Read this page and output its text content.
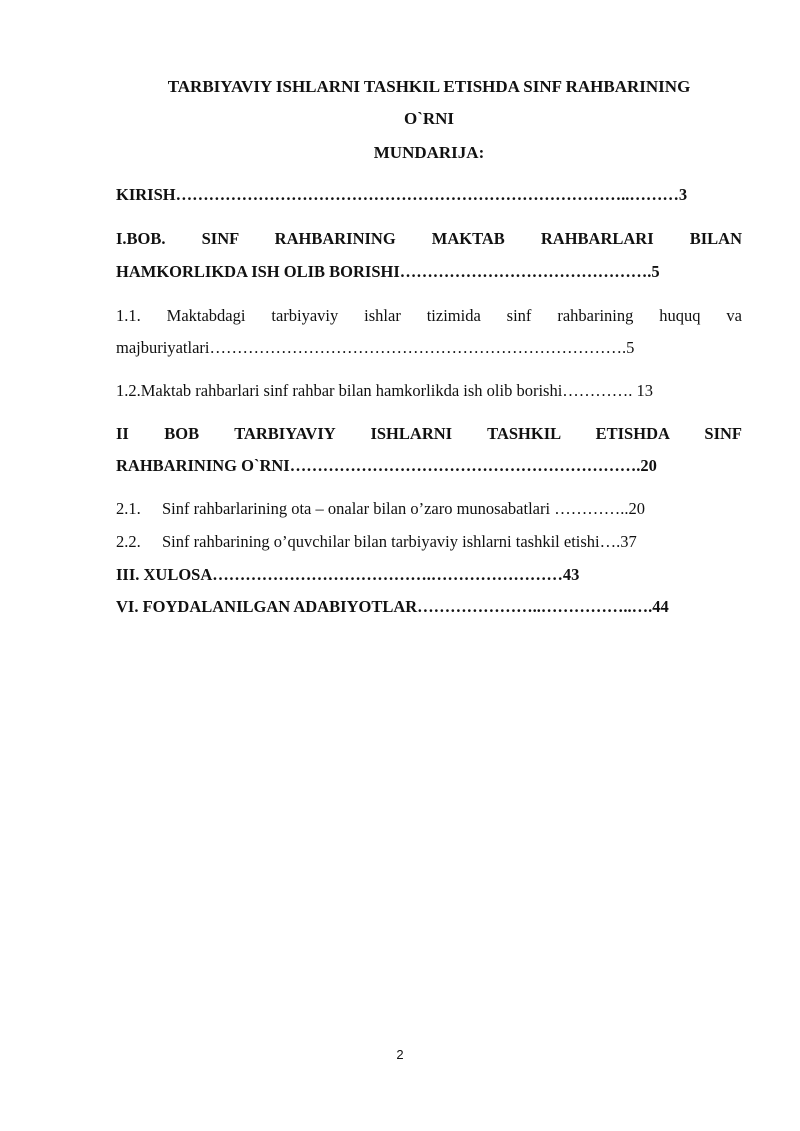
TARBIYAVIY ISHLARNI TASHKIL ETISHDA SINF RAHBARINING
O`RNI
MUNDARIJA:
KIRISH………………………………………………………………………..………3
I.BOB. SINF RAHBARINING MAKTAB RAHBARLARI BILAN
HAMKORLIKDA ISH OLIB BORISHI……………………………………….5
1.1. Maktabdagi tarbiyaviy ishlar tizimida sinf rahbarining huquq va
majburiyatlari………………………………………………………………….5
1.2.Maktab rahbarlari sinf rahbar bilan hamkorlikda ish olib borishi…………. 13
II BOB TARBIYAVIY ISHLARNI TASHKIL ETISHDA SINF
RAHBARINING O`RNI……………………………………………………….20
2.1. Sinf rahbarlarining ota – onalar bilan o’zaro munosabatlari …………..20
2.2. Sinf rahbarining o’quvchilar bilan tarbiyaviy ishlarni tashkil etishi….37
III. XULOSA………………………………….……………………43
VI. FOYDALANILGAN ADABIYOTLAR…………………..……………..….44
2
